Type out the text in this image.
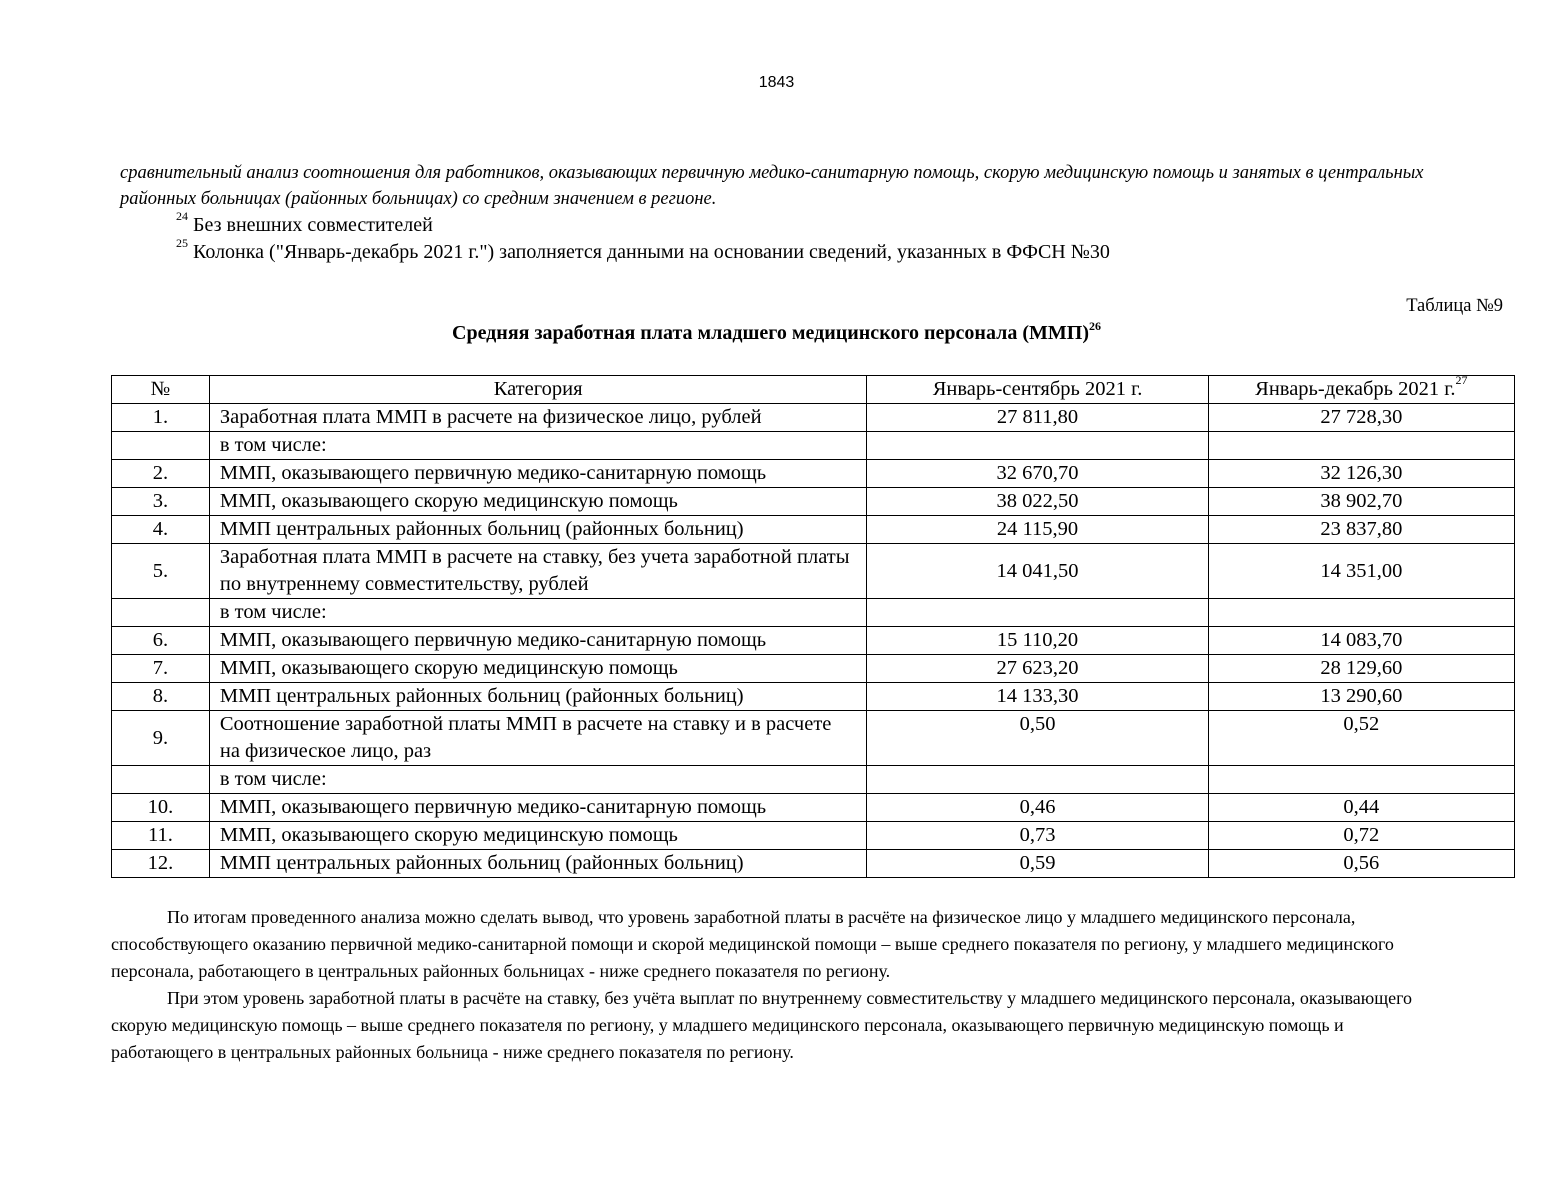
1843

сравнительный анализ соотношения для работников, оказывающих первичную медико-санитарную помощь, скорую медицинскую помощь и занятых в центральных районных больницах (районных больницах) со средним значением в регионе.

$^{24}$ Без внешних совместителей

$^{25}$ Колонка ("Январь-декабрь 2021 г.") заполняется данными на основании сведений, указанных в ФФСН №30

Таблица №9
Средняя заработная плата младшего медицинского персонала (ММП)$^{26}$
№	Категория	Январь-сентябрь 2021 г.	Январь-декабрь 2021 г.$^{27}$
1.	Заработная плата ММП в расчете на физическое лицо, рублей	27 811,80	27 728,30
	в том числе:		
2.	ММП, оказывающего первичную медико-санитарную помощь	32 670,70	32 126,30
3.	ММП, оказывающего скорую медицинскую помощь	38 022,50	38 902,70
4.	ММП центральных районных больниц (районных больниц)	24 115,90	23 837,80
5.	Заработная плата ММП в расчете на ставку, без учета заработной платы по внутреннему совместительству, рублей	14 041,50	14 351,00
	в том числе:		
6.	ММП, оказывающего первичную медико-санитарную помощь	15 110,20	14 083,70
7.	ММП, оказывающего скорую медицинскую помощь	27 623,20	28 129,60
8.	ММП центральных районных больниц (районных больниц)	14 133,30	13 290,60
9.	Соотношение заработной платы ММП в расчете на ставку и в расчете на физическое лицо, раз	0,50	0,52
	в том числе:		
10.	ММП, оказывающего первичную медико-санитарную помощь	0,46	0,44
11.	ММП, оказывающего скорую медицинскую помощь	0,73	0,72
12.	ММП центральных районных больниц (районных больниц)	0,59	0,56

По итогам проведенного анализа можно сделать вывод, что уровень заработной платы в расчёте на физическое лицо у младшего медицинского персонала, способствующего оказанию первичной медико-санитарной помощи и скорой медицинской помощи – выше среднего показателя по региону, у младшего медицинского персонала, работающего в центральных районных больницах - ниже среднего показателя по региону.

При этом уровень заработной платы в расчёте на ставку, без учёта выплат по внутреннему совместительству у младшего медицинского персонала, оказывающего скорую медицинскую помощь – выше среднего показателя по региону, у младшего медицинского персонала, оказывающего первичную медицинскую помощь и работающего в центральных районных больница - ниже среднего показателя по региону.
